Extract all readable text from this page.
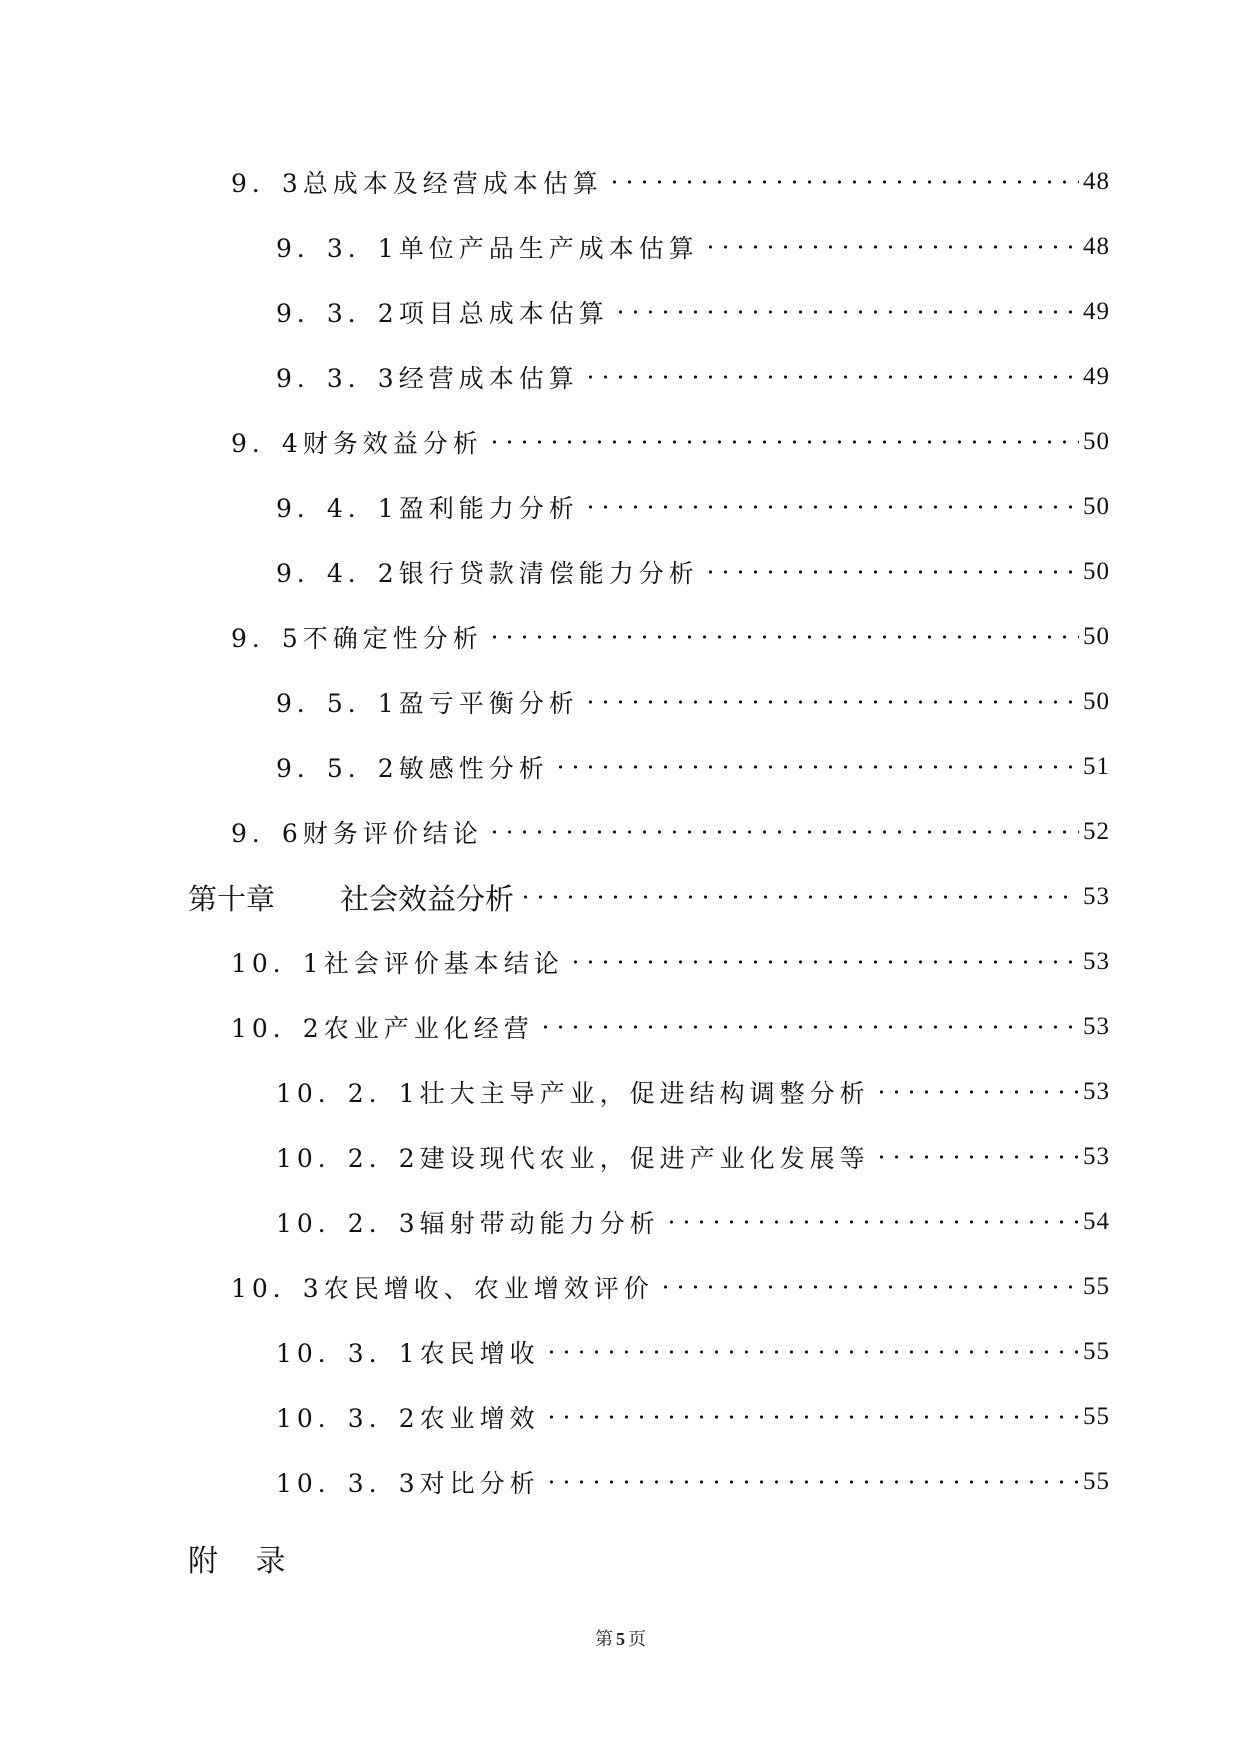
9．3总成本及经营成本估算	48
9．3．1单位产品生产成本估算	48
9．3．2项目总成本估算	49
9．3．3经营成本估算	49
9．4财务效益分析	50
9．4．1盈利能力分析	50
9．4．2银行贷款清偿能力分析	50
9．5不确定性分析	50
9．5．1盈亏平衡分析	50
9．5．2敏感性分析	51
9．6财务评价结论	52
第十章	社会效益分析	53
10．1社会评价基本结论	53
10．2农业产业化经营	53
10．2．1壮大主导产业，促进结构调整分析	53
10．2．2建设现代农业，促进产业化发展等	53
10．2．3辐射带动能力分析	54
10．3农民增收、农业增效评价	55
10．3．1农民增收	55
10．3．2农业增效	55
10．3．3对比分析	55
附 录
第 5 页
